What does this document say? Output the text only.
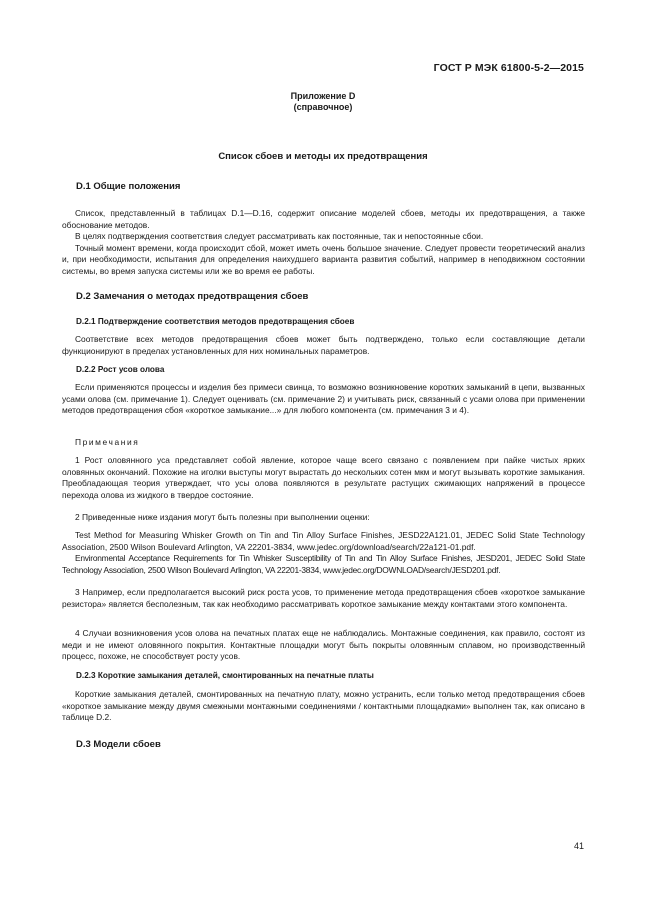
ГОСТ Р МЭК 61800-5-2—2015
Приложение D
(справочное)
Список сбоев и методы их предотвращения
D.1 Общие положения

Список, представленный в таблицах D.1—D.16, содержит описание моделей сбоев, методы их предотвращения, а также обоснование методов.

В целях подтверждения соответствия следует рассматривать как постоянные, так и непостоянные сбои.

Точный момент времени, когда происходит сбой, может иметь очень большое значение. Следует провести теоретический анализ и, при необходимости, испытания для определения наихудшего варианта развития событий, например в неподвижном состоянии системы, во время запуска системы или же во время ее работы.

D.2 Замечания о методах предотвращения сбоев
D.2.1 Подтверждение соответствия методов предотвращения сбоев

Соответствие всех методов предотвращения сбоев может быть подтверждено, только если составляющие детали функционируют в пределах установленных для них номинальных параметров.

D.2.2 Рост усов олова

Если применяются процессы и изделия без примеси свинца, то возможно возникновение коротких замыканий в цепи, вызванных усами олова (см. примечание 1). Следует оценивать (см. примечание 2) и учитывать риск, связанный с усами олова при применении методов предотвращения сбоя «короткое замыкание...» для любого компонента (см. примечания 3 и 4).

Примечания

1 Рост оловянного уса представляет собой явление, которое чаще всего связано с появлением при пайке чистых ярких оловянных окончаний. Похожие на иголки выступы могут вырастать до нескольких сотен мкм и могут вызывать короткие замыкания. Преобладающая теория утверждает, что усы олова появляются в результате растущих сжимающих напряжений в процессе перехода олова из жидкого в твердое состояние.

2 Приведенные ниже издания могут быть полезны при выполнении оценки:

Test Method for Measuring Whisker Growth on Tin and Tin Alloy Surface Finishes, JESD22A121.01, JEDEC Solid State Technology Association, 2500 Wilson Boulevard Arlington, VA 22201-3834, www.jedec.org/download/search/22a121-01.pdf.

Environmental Acceptance Requirements for Tin Whisker Susceptibility of Tin and Tin Alloy Surface Finishes, JESD201, JEDEC Solid State Technology Association, 2500 Wilson Boulevard Arlington, VA 22201-3834, www.jedec.org/DOWNLOAD/search/JESD201.pdf.

3 Например, если предполагается высокий риск роста усов, то применение метода предотвращения сбоев «короткое замыкание резистора» является бесполезным, так как необходимо рассматривать короткое замыкание между контактами этого компонента.

4 Случаи возникновения усов олова на печатных платах еще не наблюдались. Монтажные соединения, как правило, состоят из меди и не имеют оловянного покрытия. Контактные площадки могут быть покрыты оловянным сплавом, но производственный процесс, похоже, не способствует росту усов.

D.2.3 Короткие замыкания деталей, смонтированных на печатные платы

Короткие замыкания деталей, смонтированных на печатную плату, можно устранить, если только метод предотвращения сбоев «короткое замыкание между двумя смежными монтажными соединениями / контактными площадками» выполнен так, как описано в таблице D.2.

D.3 Модели сбоев
41
